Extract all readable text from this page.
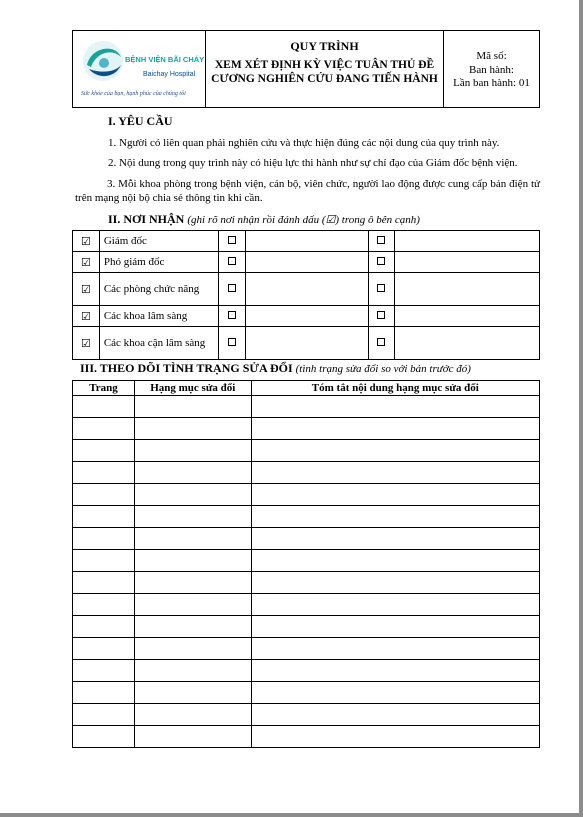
BỆNH VIỆN BÃI CHÁY
Baichay Hospital
Sức khỏe của bạn, hạnh phúc của chúng tôi
QUY TRÌNH
XEM XÉT ĐỊNH KỲ VIỆC TUÂN THỦ ĐỀ CƯƠNG NGHIÊN CỨU ĐANG TIẾN HÀNH
Mã số:
Ban hành:
Lần ban hành: 01
I. YÊU CẦU
1. Người có liên quan phải nghiên cứu và thực hiện đúng các nội dung của quy trình này.
2. Nội dung trong quy trình này có hiệu lực thi hành như sự chỉ đạo của Giám đốc bệnh viện.
3. Mỗi khoa phòng trong bệnh viện, cán bộ, viên chức, người lao động được cung cấp bản điện tử trên mạng nội bộ chia sẻ thông tin khi cần.
II. NƠI NHẬN (ghi rõ nơi nhận rồi đánh dấu (☑) trong ô bên cạnh)
☑	Giám đốc				
☑	Phó giám đốc				
☑	Các phòng chức năng				
☑	Các khoa lâm sàng				
☑	Các khoa cận lâm sàng				
III. THEO DÕI TÌNH TRẠNG SỬA ĐỔI (tình trạng sửa đổi so với bản trước đó)
Trang	Hạng mục sửa đổi	Tóm tắt nội dung hạng mục sửa đổi
